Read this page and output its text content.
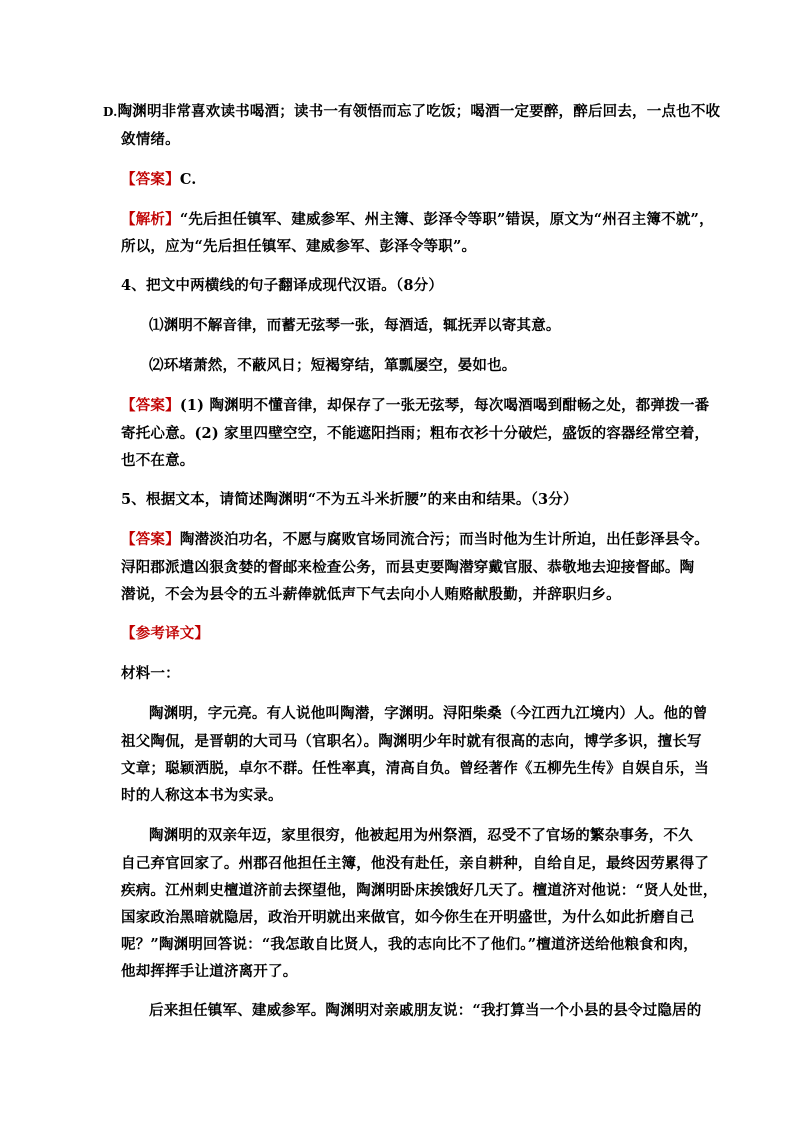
D.陶渊明非常喜欢读书喝酒；读书一有领悟而忘了吃饭；喝酒一定要醉，醉后回去，一点也不收

敛情绪。

【答案】C.

【解析】“先后担任镇军、建威参军、州主簿、彭泽令等职”错误，原文为“州召主簿不就”，

所以，应为“先后担任镇军、建威参军、彭泽令等职”。

4、把文中两横线的句子翻译成现代汉语。（8分）

⑴渊明不解音律，而蓄无弦琴一张，每酒适，辄抚弄以寄其意。

⑵环堵萧然，不蔽风日；短褐穿结，箪瓢屡空，晏如也。

【答案】(1) 陶渊明不懂音律，却保存了一张无弦琴，每次喝酒喝到酣畅之处，都弹拨一番

寄托心意。(2) 家里四壁空空，不能遮阳挡雨；粗布衣衫十分破烂，盛饭的容器经常空着，

也不在意。

5、根据文本，请简述陶渊明“不为五斗米折腰”的来由和结果。（3分）

【答案】陶潜淡泊功名，不愿与腐败官场同流合污；而当时他为生计所迫，出任彭泽县令。

浔阳郡派遣凶狠贪婪的督邮来检查公务，而县吏要陶潜穿戴官服、恭敬地去迎接督邮。陶

潜说，不会为县令的五斗薪俸就低声下气去向小人贿赂献殷勤，并辞职归乡。

【参考译文】

材料一：

陶渊明，字元亮。有人说他叫陶潜，字渊明。浔阳柴桑（今江西九江境内）人。他的曾

祖父陶侃，是晋朝的大司马（官职名）。陶渊明少年时就有很高的志向，博学多识，擅长写

文章；聪颖洒脱，卓尔不群。任性率真，清高自负。曾经著作《五柳先生传》自娱自乐，当

时的人称这本书为实录。

陶渊明的双亲年迈，家里很穷，他被起用为州祭酒，忍受不了官场的繁杂事务，不久

自己弃官回家了。州郡召他担任主簿，他没有赴任，亲自耕种，自给自足，最终因劳累得了

疾病。江州刺史檀道济前去探望他，陶渊明卧床挨饿好几天了。檀道济对他说：“贤人处世，

国家政治黑暗就隐居，政治开明就出来做官，如今你生在开明盛世，为什么如此折磨自己

呢？”陶渊明回答说：“我怎敢自比贤人，我的志向比不了他们。”檀道济送给他粮食和肉，

他却挥挥手让道济离开了。

后来担任镇军、建威参军。陶渊明对亲戚朋友说：“我打算当一个小县的县令过隐居的
